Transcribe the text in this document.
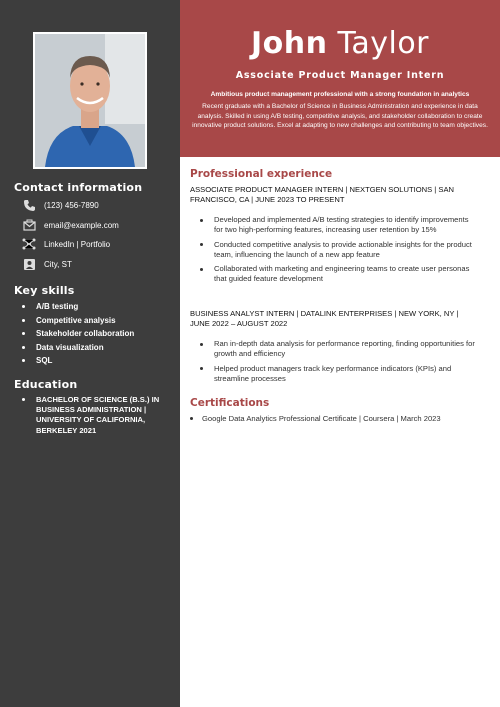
Contact information
(123) 456-7890
email@example.com
LinkedIn | Portfolio
City, ST
Key skills
A/B testing
Competitive analysis
Stakeholder collaboration
Data visualization
SQL
Education
BACHELOR OF SCIENCE (B.S.) IN BUSINESS ADMINISTRATION | UNIVERSITY OF CALIFORNIA, BERKELEY 2021
John Taylor
Associate Product Manager Intern
Ambitious product management professional with a strong foundation in analytics
Recent graduate with a Bachelor of Science in Business Administration and experience in data analysis. Skilled in using A/B testing, competitive analysis, and stakeholder collaboration to create innovative product solutions. Excel at adapting to new challenges and contributing to team objectives.
Professional experience
ASSOCIATE PRODUCT MANAGER INTERN | NEXTGEN SOLUTIONS | SAN FRANCISCO, CA | JUNE 2023 TO PRESENT
Developed and implemented A/B testing strategies to identify improvements for two high-performing features, increasing user retention by 15%
Conducted competitive analysis to provide actionable insights for the product team, influencing the launch of a new app feature
Collaborated with marketing and engineering teams to create user personas that guided feature development
BUSINESS ANALYST INTERN | DATALINK ENTERPRISES | NEW YORK, NY | JUNE 2022 – AUGUST 2022
Ran in-depth data analysis for performance reporting, finding opportunities for growth and efficiency
Helped product managers track key performance indicators (KPIs) and streamline processes
Certifications
Google Data Analytics Professional Certificate | Coursera | March 2023
